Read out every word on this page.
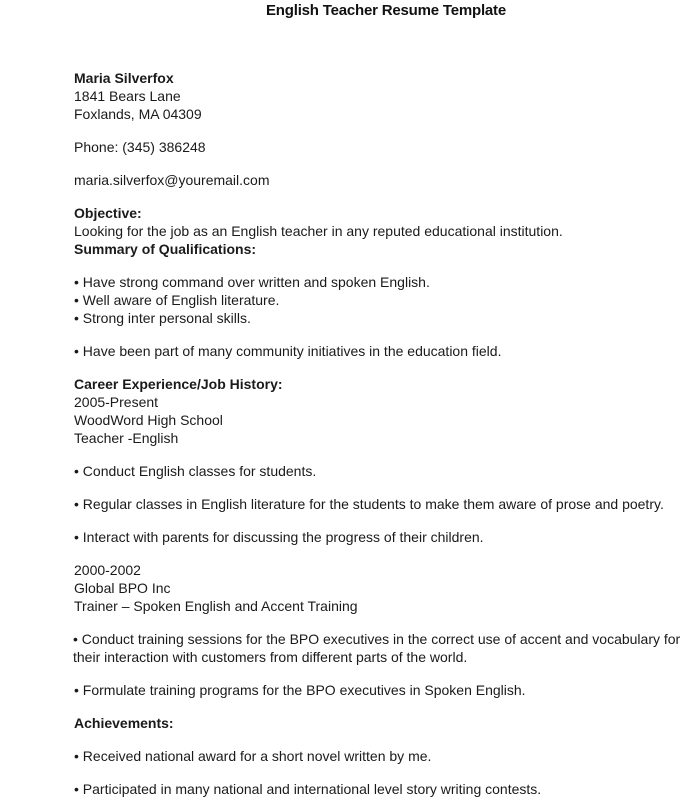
English Teacher Resume Template
Maria Silverfox
1841 Bears Lane
Foxlands, MA 04309
Phone: (345) 386248
maria.silverfox@youremail.com
Objective:
Looking for the job as an English teacher in any reputed educational institution.
Summary of Qualifications:
• Have strong command over written and spoken English.
• Well aware of English literature.
• Strong inter personal skills.
• Have been part of many community initiatives in the education field.
Career Experience/Job History:
2005-Present
WoodWord High School
Teacher -English
• Conduct English classes for students.
• Regular classes in English literature for the students to make them aware of prose and poetry.
• Interact with parents for discussing the progress of their children.
2000-2002
Global BPO Inc
Trainer – Spoken English and Accent Training
• Conduct training sessions for the BPO executives in the correct use of accent and vocabulary for their interaction with customers from different parts of the world.
• Formulate training programs for the BPO executives in Spoken English.
Achievements:
• Received national award for a short novel written by me.
• Participated in many national and international level story writing contests.
